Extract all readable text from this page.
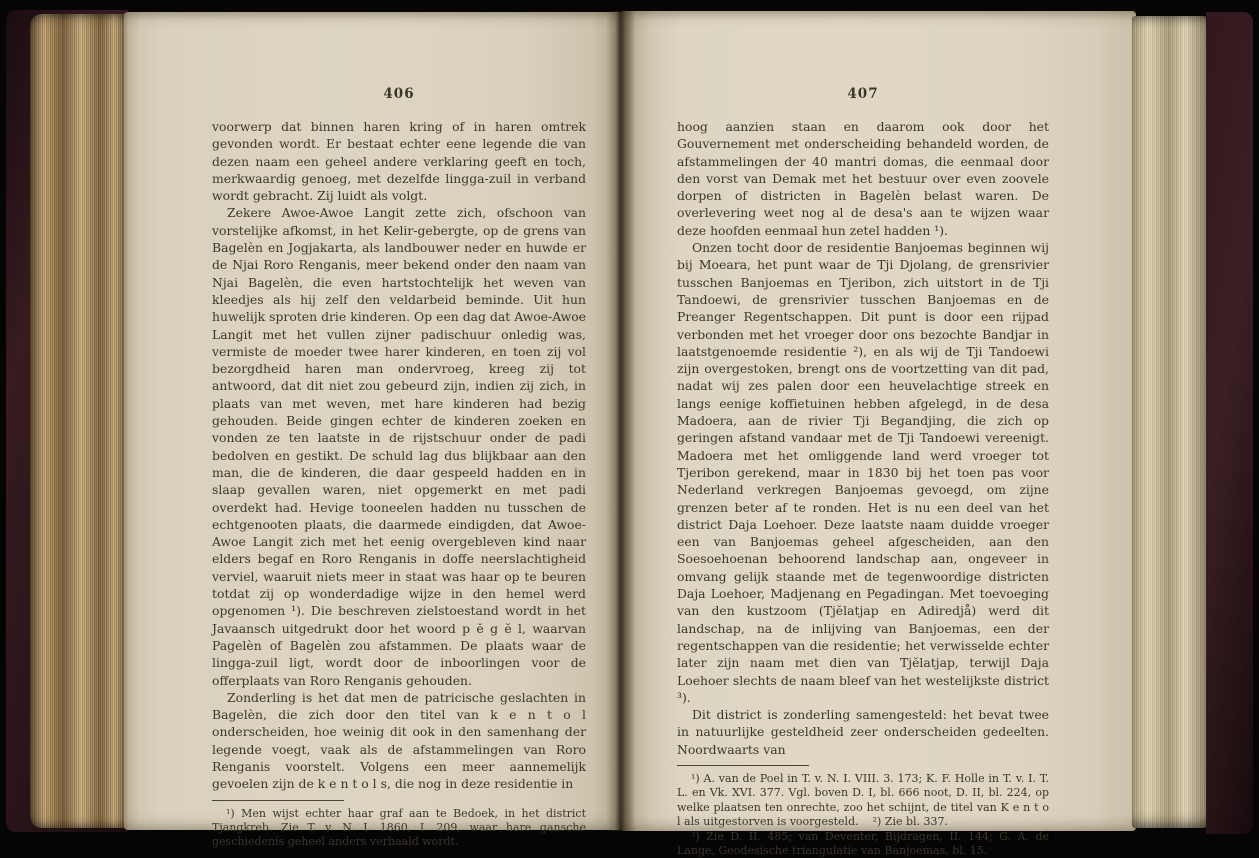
406

voorwerp dat binnen haren kring of in haren omtrek gevonden wordt. Er bestaat echter eene legende die van dezen naam een geheel andere verklaring geeft en toch, merkwaardig genoeg, met dezelfde lingga-zuil in verband wordt gebracht. Zij luidt als volgt.

Zekere Awoe-Awoe Langit zette zich, ofschoon van vorstelijke afkomst, in het Kelir-gebergte, op de grens van Bagelèn en Jogjakarta, als landbouwer neder en huwde er de Njai Roro Renganis, meer bekend onder den naam van Njai Bagelèn, die even hartstochtelijk het weven van kleedjes als hij zelf den veldarbeid beminde. Uit hun huwelijk sproten drie kinderen. Op een dag dat Awoe-Awoe Langit met het vullen zijner padischuur onledig was, vermiste de moeder twee harer kinderen, en toen zij vol bezorgdheid haren man ondervroeg, kreeg zij tot antwoord, dat dit niet zou gebeurd zijn, indien zij zich, in plaats van met weven, met hare kinderen had bezig gehouden. Beide gingen echter de kinderen zoeken en vonden ze ten laatste in de rijstschuur onder de padi bedolven en gestikt. De schuld lag dus blijkbaar aan den man, die de kinderen, die daar gespeeld hadden en in slaap gevallen waren, niet opgemerkt en met padi overdekt had. Hevige tooneelen hadden nu tusschen de echtgenooten plaats, die daarmede eindigden, dat Awoe-Awoe Langit zich met het eenig overgebleven kind naar elders begaf en Roro Renganis in doffe neerslachtigheid verviel, waaruit niets meer in staat was haar op te beuren totdat zij op wonderdadige wijze in den hemel werd opgenomen ¹). Die beschreven zielstoestand wordt in het Javaansch uitgedrukt door het woord p ĕ g ĕ l, waarvan Pagelèn of Bagelèn zou afstammen. De plaats waar de lingga-zuil ligt, wordt door de inboorlingen voor de offerplaats van Roro Renganis gehouden.

Zonderling is het dat men de patricische geslachten in Bagelèn, die zich door den titel van k e n t o l onderscheiden, hoe weinig dit ook in den samenhang der legende voegt, vaak als de afstammelingen van Roro Renganis voorstelt. Volgens een meer aannemelijk gevoelen zijn de k e n t o l s, die nog in deze residentie in

¹) Men wijst echter haar graf aan te Bedoek, in het district Tjangkreb. Zie T. v. N. I. 1860, I. 209, waar hare gansche geschiedenis geheel anders verhaald wordt.

407

hoog aanzien staan en daarom ook door het Gouvernement met onderscheiding behandeld worden, de afstammelingen der 40 mantri domas, die eenmaal door den vorst van Demak met het bestuur over even zoovele dorpen of districten in Bagelèn belast waren. De overlevering weet nog al de desa's aan te wijzen waar deze hoofden eenmaal hun zetel hadden ¹).

Onzen tocht door de residentie Banjoemas beginnen wij bij Moeara, het punt waar de Tji Djolang, de grensrivier tusschen Banjoemas en Tjeribon, zich uitstort in de Tji Tandoewi, de grensrivier tusschen Banjoemas en de Preanger Regentschappen. Dit punt is door een rijpad verbonden met het vroeger door ons bezochte Bandjar in laatstgenoemde residentie ²), en als wij de Tji Tandoewi zijn overgestoken, brengt ons de voortzetting van dit pad, nadat wij zes palen door een heuvelachtige streek en langs eenige koffietuinen hebben afgelegd, in de desa Madoera, aan de rivier Tji Begandjing, die zich op geringen afstand vandaar met de Tji Tandoewi vereenigt. Madoera met het omliggende land werd vroeger tot Tjeribon gerekend, maar in 1830 bij het toen pas voor Nederland verkregen Banjoemas gevoegd, om zijne grenzen beter af te ronden. Het is nu een deel van het district Daja Loehoer. Deze laatste naam duidde vroeger een van Banjoemas geheel afgescheiden, aan den Soesoehoenan behoorend landschap aan, ongeveer in omvang gelijk staande met de tegenwoordige districten Daja Loehoer, Madjenang en Pegadingan. Met toevoeging van den kustzoom (Tjĕlatjap en Adiredjå) werd dit landschap, na de inlijving van Banjoemas, een der regentschappen van die residentie; het verwisselde echter later zijn naam met dien van Tjĕlatjap, terwijl Daja Loehoer slechts de naam bleef van het westelijkste district ³).

Dit district is zonderling samengesteld: het bevat twee in natuurlijke gesteldheid zeer onderscheiden gedeelten. Noordwaarts van

¹) A. van de Poel in T. v. N. I. VIII. 3. 173; K. F. Holle in T. v. I. T. L. en Vk. XVI. 377. Vgl. boven D. I, bl. 666 noot, D. II, bl. 224, op welke plaatsen ten onrechte, zoo het schijnt, de titel van K e n t o l als uitgestorven is voorgesteld.    ²) Zie bl. 337.

³) Zie D. II. 485; van Deventer, Bijdragen, II. 144; G. A. de Lange, Geodesische triangulatie van Banjoemas, bl. 15.
